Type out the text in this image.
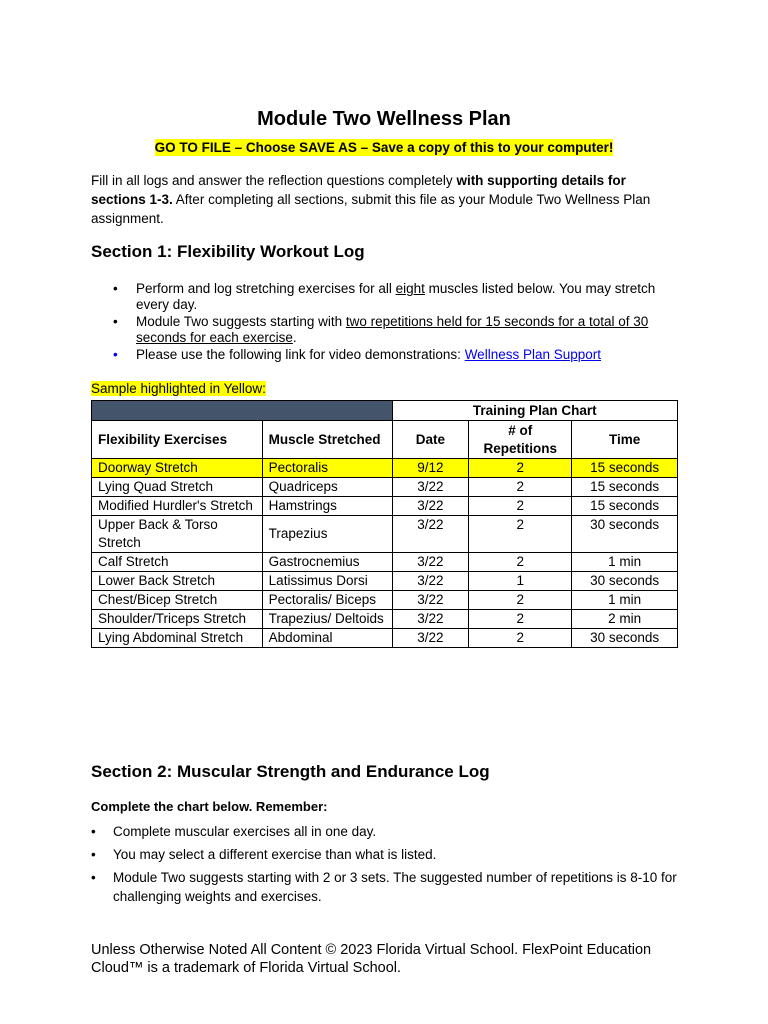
Module Two Wellness Plan
GO TO FILE – Choose SAVE AS – Save a copy of this to your computer!
Fill in all logs and answer the reflection questions completely with supporting details for sections 1-3. After completing all sections, submit this file as your Module Two Wellness Plan assignment.
Section 1: Flexibility Workout Log
• Perform and log stretching exercises for all eight muscles listed below. You may stretch every day.
• Module Two suggests starting with two repetitions held for 15 seconds for a total of 30 seconds for each exercise.
• Please use the following link for video demonstrations: Wellness Plan Support
Sample highlighted in Yellow:
		Training Plan Chart		
Flexibility Exercises	Muscle Stretched	Date	# of Repetitions	Time
Doorway Stretch	Pectoralis	9/12	2	15 seconds
Lying Quad Stretch	Quadriceps	3/22	2	15 seconds
Modified Hurdler's Stretch	Hamstrings	3/22	2	15 seconds
Upper Back & Torso Stretch	Trapezius	3/22	2	30 seconds
Calf Stretch	Gastrocnemius	3/22	2	1 min
Lower Back Stretch	Latissimus Dorsi	3/22	1	30 seconds
Chest/Bicep Stretch	Pectoralis/ Biceps	3/22	2	1 min
Shoulder/Triceps Stretch	Trapezius/ Deltoids	3/22	2	2 min
Lying Abdominal Stretch	Abdominal	3/22	2	30 seconds
Section 2: Muscular Strength and Endurance Log
Complete the chart below. Remember:
• Complete muscular exercises all in one day.
• You may select a different exercise than what is listed.
• Module Two suggests starting with 2 or 3 sets. The suggested number of repetitions is 8-10 for challenging weights and exercises.
Unless Otherwise Noted All Content © 2023 Florida Virtual School. FlexPoint Education Cloud™ is a trademark of Florida Virtual School.
